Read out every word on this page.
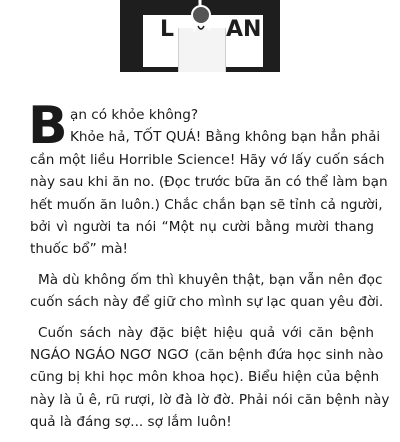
L AN
B ạn có khỏe không?
Khỏe hả, TỐT QUÁ! Bằng không bạn hẳn phải
cần một liều Horrible Science! Hãy vớ lấy cuốn sách
này sau khi ăn no. (Đọc trước bữa ăn có thể làm bạn
hết muốn ăn luôn.) Chắc chắn bạn sẽ tỉnh cả người,
bởi vì người ta nói “Một nụ cười bằng mười thang
thuốc bổ” mà!
Mà dù không ốm thì khuyên thật, bạn vẫn nên đọc
cuốn sách này để giữ cho mình sự lạc quan yêu đời.
Cuốn sách này đặc biệt hiệu quả với căn bệnh
NGÁO NGÁO NGƠ NGƠ (căn bệnh đứa học sinh nào
cũng bị khi học môn khoa học). Biểu hiện của bệnh
này là ủ ê, rũ rượi, lờ đà lờ đờ. Phải nói căn bệnh này
quả là đáng sợ... sợ lắm luôn!
